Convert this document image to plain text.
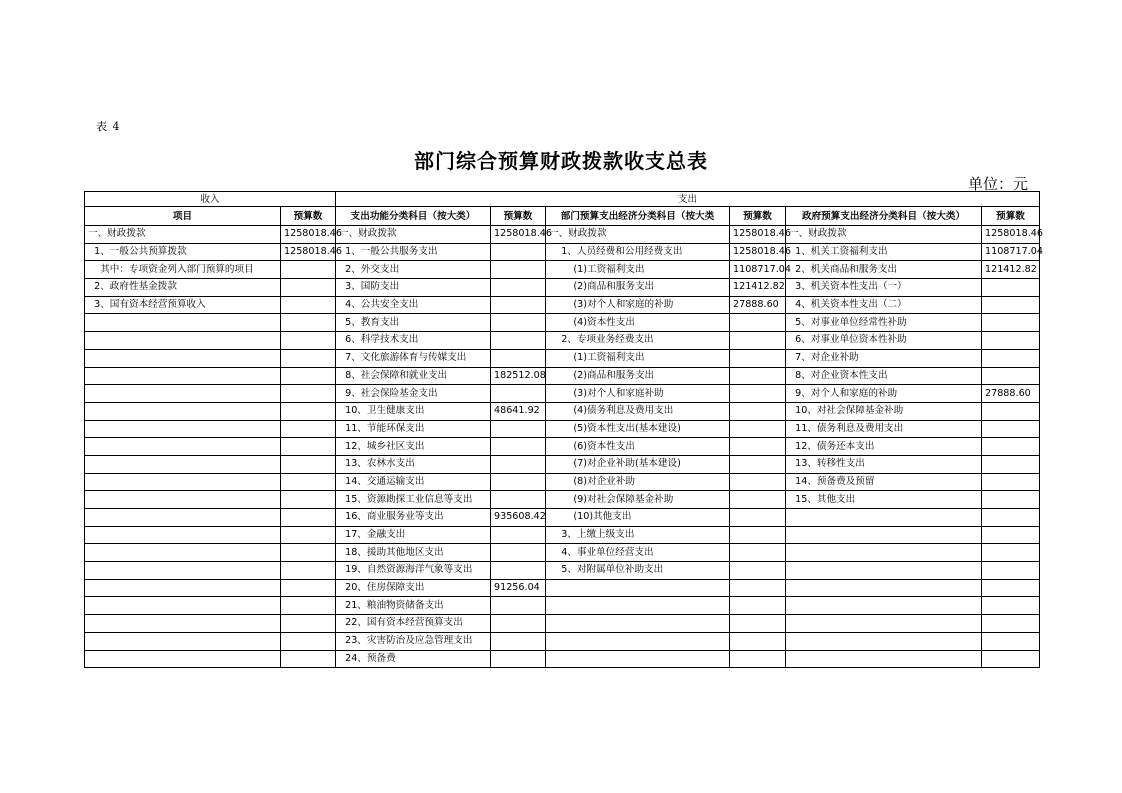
表 4
部门综合预算财政拨款收支总表
单位：元
收入		支出					
项目	预算数	支出功能分类科目（按大类）	预算数	部门预算支出经济分类科目（按大类	预算数	政府预算支出经济分类科目（按大类）	预算数
一、财政拨款	1258018.46	一、财政拨款	1258018.46	一、财政拨款	1258018.46	一、财政拨款	1258018.46
1、一般公共预算拨款	1258018.46	1、一般公共服务支出		1、人员经费和公用经费支出	1258018.46	1、机关工资福利支出	1108717.04
其中：专项资金列入部门预算的项目		2、外交支出		(1)工资福利支出	1108717.04	2、机关商品和服务支出	121412.82
2、政府性基金拨款		3、国防支出		(2)商品和服务支出	121412.82	3、机关资本性支出（一）	
3、国有资本经营预算收入		4、公共安全支出		(3)对个人和家庭的补助	27888.60	4、机关资本性支出（二）	
		5、教育支出		(4)资本性支出		5、对事业单位经常性补助	
		6、科学技术支出		2、专项业务经费支出		6、对事业单位资本性补助	
		7、文化旅游体育与传媒支出		(1)工资福利支出		7、对企业补助	
		8、社会保障和就业支出	182512.08	(2)商品和服务支出		8、对企业资本性支出	
		9、社会保险基金支出		(3)对个人和家庭补助		9、对个人和家庭的补助	27888.60
		10、卫生健康支出	48641.92	(4)债务利息及费用支出		10、对社会保障基金补助	
		11、节能环保支出		(5)资本性支出(基本建设)		11、债务利息及费用支出	
		12、城乡社区支出		(6)资本性支出		12、债务还本支出	
		13、农林水支出		(7)对企业补助(基本建设)		13、转移性支出	
		14、交通运输支出		(8)对企业补助		14、预备费及预留	
		15、资源勘探工业信息等支出		(9)对社会保障基金补助		15、其他支出	
		16、商业服务业等支出	935608.42	(10)其他支出			
		17、金融支出		3、上缴上级支出			
		18、援助其他地区支出		4、事业单位经营支出			
		19、自然资源海洋气象等支出		5、对附属单位补助支出			
		20、住房保障支出	91256.04				
		21、粮油物资储备支出					
		22、国有资本经营预算支出					
		23、灾害防治及应急管理支出					
		24、预备费					
